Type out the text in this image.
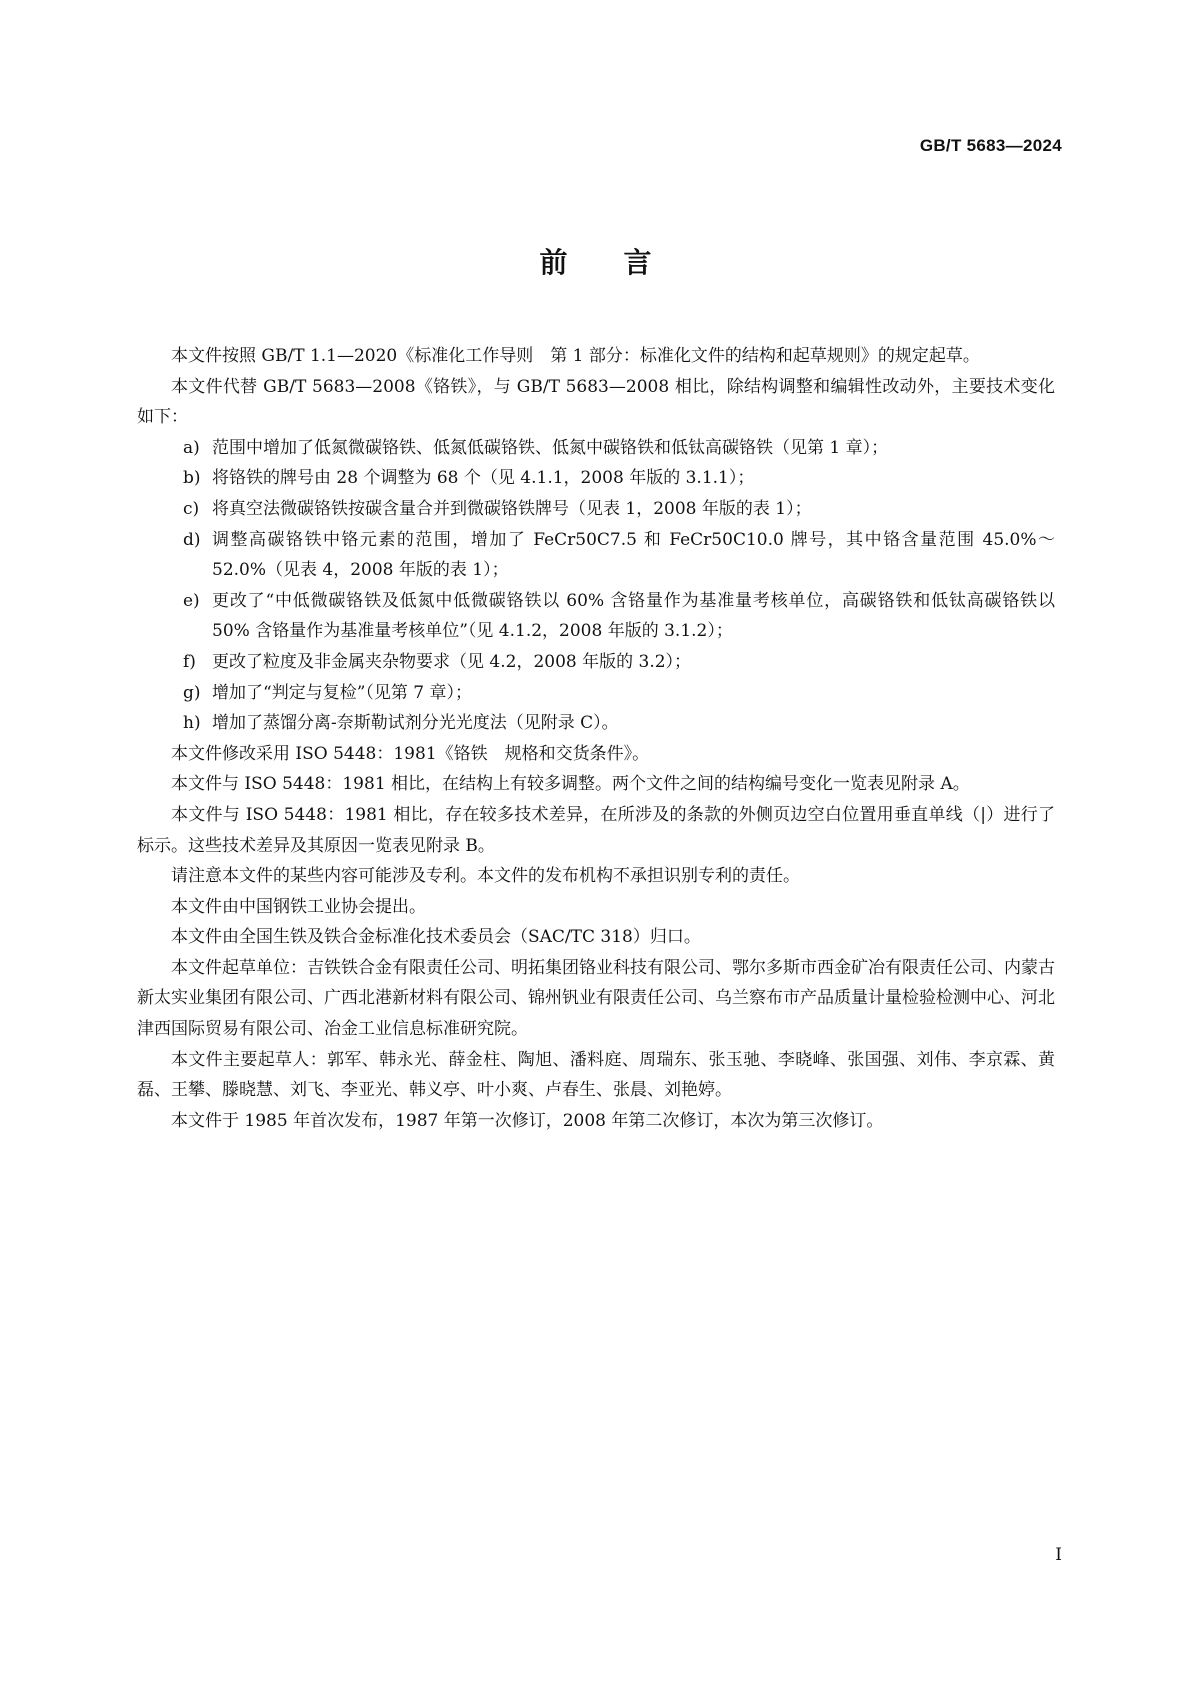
GB/T 5683—2024
前言

本文件按照 GB/T 1.1—2020《标准化工作导则　第 1 部分：标准化文件的结构和起草规则》的规定起草。

本文件代替 GB/T 5683—2008《铬铁》，与 GB/T 5683—2008 相比，除结构调整和编辑性改动外，主要技术变化如下：

a) 范围中增加了低氮微碳铬铁、低氮低碳铬铁、低氮中碳铬铁和低钛高碳铬铁（见第 1 章）；
b) 将铬铁的牌号由 28 个调整为 68 个（见 4.1.1，2008 年版的 3.1.1）；
c) 将真空法微碳铬铁按碳含量合并到微碳铬铁牌号（见表 1，2008 年版的表 1）；
d) 调整高碳铬铁中铬元素的范围，增加了 FeCr50C7.5 和 FeCr50C10.0 牌号，其中铬含量范围 45.0%～52.0%（见表 4，2008 年版的表 1）；
e) 更改了“中低微碳铬铁及低氮中低微碳铬铁以 60% 含铬量作为基准量考核单位，高碳铬铁和低钛高碳铬铁以 50% 含铬量作为基准量考核单位”（见 4.1.2，2008 年版的 3.1.2）；
f) 更改了粒度及非金属夹杂物要求（见 4.2，2008 年版的 3.2）；
g) 增加了“判定与复检”（见第 7 章）；
h) 增加了蒸馏分离-奈斯勒试剂分光光度法（见附录 C）。

本文件修改采用 ISO 5448：1981《铬铁　规格和交货条件》。

本文件与 ISO 5448：1981 相比，在结构上有较多调整。两个文件之间的结构编号变化一览表见附录 A。

本文件与 ISO 5448：1981 相比，存在较多技术差异，在所涉及的条款的外侧页边空白位置用垂直单线（|）进行了标示。这些技术差异及其原因一览表见附录 B。

请注意本文件的某些内容可能涉及专利。本文件的发布机构不承担识别专利的责任。

本文件由中国钢铁工业协会提出。

本文件由全国生铁及铁合金标准化技术委员会（SAC/TC 318）归口。

本文件起草单位：吉铁铁合金有限责任公司、明拓集团铬业科技有限公司、鄂尔多斯市西金矿冶有限责任公司、内蒙古新太实业集团有限公司、广西北港新材料有限公司、锦州钒业有限责任公司、乌兰察布市产品质量计量检验检测中心、河北津西国际贸易有限公司、冶金工业信息标准研究院。

本文件主要起草人：郭军、韩永光、薛金柱、陶旭、潘料庭、周瑞东、张玉驰、李晓峰、张国强、刘伟、李京霖、黄磊、王攀、滕晓慧、刘飞、李亚光、韩义亭、叶小爽、卢春生、张晨、刘艳婷。

本文件于 1985 年首次发布，1987 年第一次修订，2008 年第二次修订，本次为第三次修订。

I
